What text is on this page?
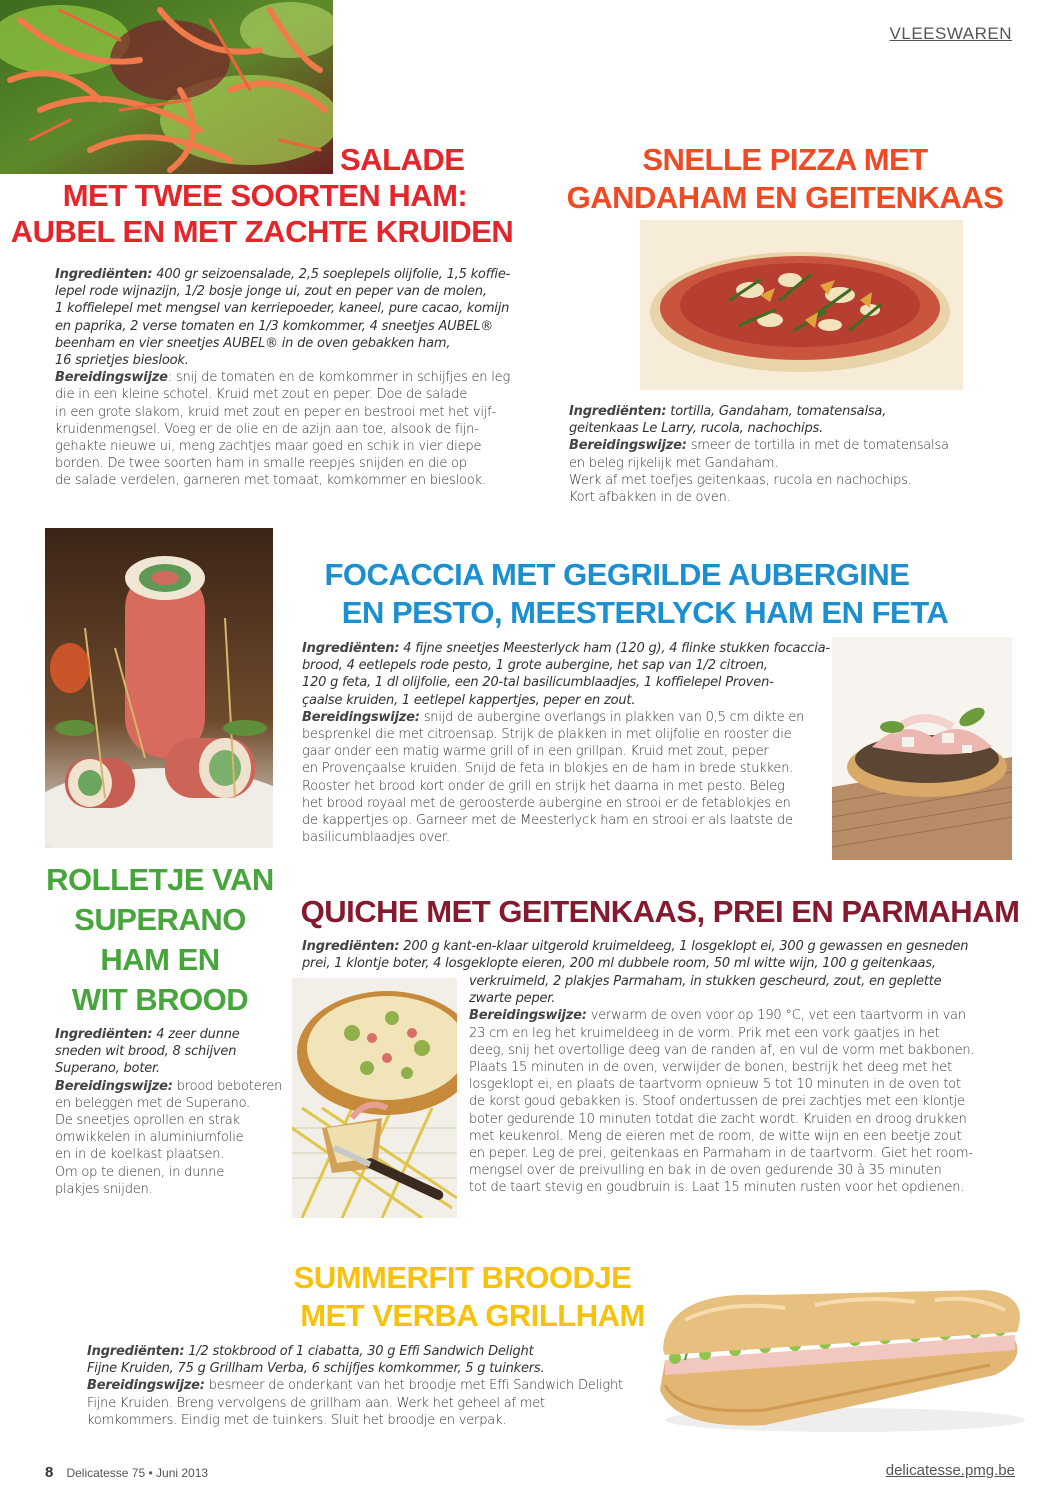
VLEESWAREN
SALADE
MET TWEE SOORTEN HAM:
AUBEL EN MET ZACHTE KRUIDEN
Ingrediënten: 400 gr seizoensalade, 2,5 soeplepels olijfolie, 1,5 koffie-
lepel rode wijnazijn, 1/2 bosje jonge ui, zout en peper van de molen,
1 koffielepel met mengsel van kerriepoeder, kaneel, pure cacao, komijn
en paprika, 2 verse tomaten en 1/3 komkommer, 4 sneetjes AUBEL®
beenham en vier sneetjes AUBEL® in de oven gebakken ham,
16 sprietjes bieslook.
Bereidingswijze: snij de tomaten en de komkommer in schijfjes en leg
die in een kleine schotel. Kruid met zout en peper. Doe de salade
in een grote slakom, kruid met zout en peper en bestrooi met het vijf-
kruidenmengsel. Voeg er de olie en de azijn aan toe, alsook de fijn-
gehakte nieuwe ui, meng zachtjes maar goed en schik in vier diepe
borden. De twee soorten ham in smalle reepjes snijden en die op
de salade verdelen, garneren met tomaat, komkommer en bieslook.
SNELLE PIZZA MET
GANDAHAM EN GEITENKAAS
Ingrediënten: tortilla, Gandaham, tomatensalsa,
geitenkaas Le Larry, rucola, nachochips.
Bereidingswijze: smeer de tortilla in met de tomatensalsa
en beleg rijkelijk met Gandaham.
Werk af met toefjes geitenkaas, rucola en nachochips.
Kort afbakken in de oven.
FOCACCIA MET GEGRILDE AUBERGINE
EN PESTO, MEESTERLYCK HAM EN FETA
Ingrediënten: 4 fijne sneetjes Meesterlyck ham (120 g), 4 flinke stukken focaccia-
brood, 4 eetlepels rode pesto, 1 grote aubergine, het sap van 1/2 citroen,
120 g feta, 1 dl olijfolie, een 20-tal basilicumblaadjes, 1 koffielepel Proven-
çaalse kruiden, 1 eetlepel kappertjes, peper en zout.
Bereidingswijze: snijd de aubergine overlangs in plakken van 0,5 cm dikte en
besprenkel die met citroensap. Strijk de plakken in met olijfolie en rooster die
gaar onder een matig warme grill of in een grillpan. Kruid met zout, peper
en Provençaalse kruiden. Snijd de feta in blokjes en de ham in brede stukken.
Rooster het brood kort onder de grill en strijk het daarna in met pesto. Beleg
het brood royaal met de geroosterde aubergine en strooi er de fetablokjes en
de kappertjes op. Garneer met de Meesterlyck ham en strooi er als laatste de
basilicumblaadjes over.
ROLLETJE VAN
SUPERANO
HAM EN
WIT BROOD
Ingrediënten: 4 zeer dunne
sneden wit brood, 8 schijven
Superano, boter.
Bereidingswijze: brood beboteren
en beleggen met de Superano.
De sneetjes oprollen en strak
omwikkelen in aluminiumfolie
en in de koelkast plaatsen.
Om op te dienen, in dunne
plakjes snijden.
QUICHE MET GEITENKAAS, PREI EN PARMAHAM
Ingrediënten: 200 g kant-en-klaar uitgerold kruimeldeeg, 1 losgeklopt ei, 300 g gewassen en gesneden
prei, 1 klontje boter, 4 losgeklopte eieren, 200 ml dubbele room, 50 ml witte wijn, 100 g geitenkaas,
verkruimeld, 2 plakjes Parmaham, in stukken gescheurd, zout, en geplette
zwarte peper.
Bereidingswijze: verwarm de oven voor op 190 °C, vet een taartvorm in van
23 cm en leg het kruimeldeeg in de vorm. Prik met een vork gaatjes in het
deeg, snij het overtollige deeg van de randen af, en vul de vorm met bakbonen.
Plaats 15 minuten in de oven, verwijder de bonen, bestrijk het deeg met het
losgeklopt ei, en plaats de taartvorm opnieuw 5 tot 10 minuten in de oven tot
de korst goud gebakken is. Stoof ondertussen de prei zachtjes met een klontje
boter gedurende 10 minuten totdat die zacht wordt. Kruiden en droog drukken
met keukenrol. Meng de eieren met de room, de witte wijn en een beetje zout
en peper. Leg de prei, geitenkaas en Parmaham in de taartvorm. Giet het room-
mengsel over de preivulling en bak in de oven gedurende 30 à 35 minuten
tot de taart stevig en goudbruin is. Laat 15 minuten rusten voor het opdienen.
SUMMERFIT BROODJE
MET VERBA GRILLHAM
Ingrediënten: 1/2 stokbrood of 1 ciabatta, 30 g Effi Sandwich Delight
Fijne Kruiden, 75 g Grillham Verba, 6 schijfjes komkommer, 5 g tuinkers.
Bereidingswijze: besmeer de onderkant van het broodje met Effi Sandwich Delight
Fijne Kruiden. Breng vervolgens de grillham aan. Werk het geheel af met
komkommers. Eindig met de tuinkers. Sluit het broodje en verpak.
8 Delicatesse 75 • Juni 2013	delicatesse.pmg.be
